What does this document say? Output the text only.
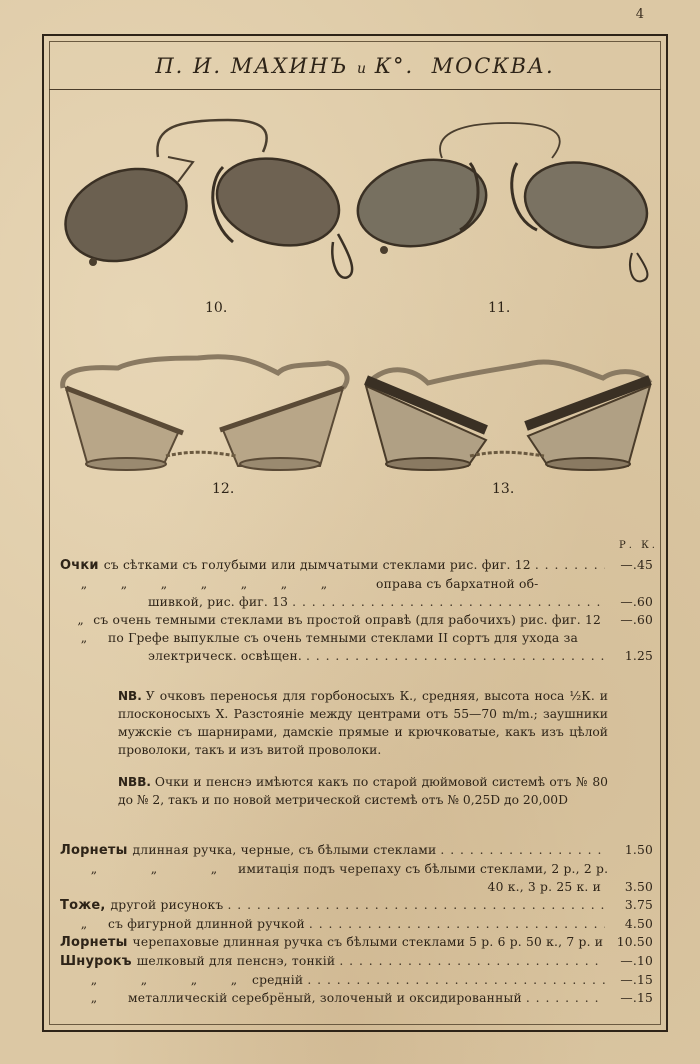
4
П. И. МАХИНЪ и К°. МОСКВА.
10.	11.
12.	13.
Р. К.
Очки съ сѣтками съ голубыми или дымчатыми стеклами рис. фиг. 12 . . .	—.45
„	„	„	„	„	„	„	оправа съ бархатной об-
шивкой, рис. фиг. 13 . . .	—.60
„ съ очень темными стеклами въ простой оправѣ (для рабочихъ) рис. фиг. 12	—.60
„	по Грефе выпуклые съ очень темными стеклами II сортъ для ухода за
электрическ. освѣщен. . . .	1.25
NB. У очковъ переносья для горбоносыхъ К., средняя, высота носа ½К. и плосконосыхъ Х. Разстояніе между центрами отъ 55—70 m/m.; заушники мужскіе съ шарнирами, дамскіе прямые и крючковатые, какъ изъ цѣлой проволоки, такъ и изъ витой проволоки.
NBB. Очки и пенснэ имѣются какъ по старой дюймовой системѣ отъ № 80 до № 2, такъ и по новой метрической системѣ отъ № 0,25D до 20,00D
Лорнеты длинная ручка, черные, съ бѣлыми стеклами . . .	1.50
„	„	„	имитація подъ черепаху съ бѣлыми стеклами, 2 р., 2 р.
40 к., 3 р. 25 к. и	3.50
Тоже, другой рисунокъ . . .	3.75
„	съ фигурной длинной ручкой . . .	4.50
Лорнеты черепаховые длинная ручка съ бѣлыми стеклами 5 р. 6 р. 50 к., 7 р. и	10.50
Шнурокъ шелковый для пенснэ, тонкій . . .	—.10
„	„	„	„	средній . . .	—.15
„	металлическій серебрёный, золоченый и оксидированный . . .	—.15
